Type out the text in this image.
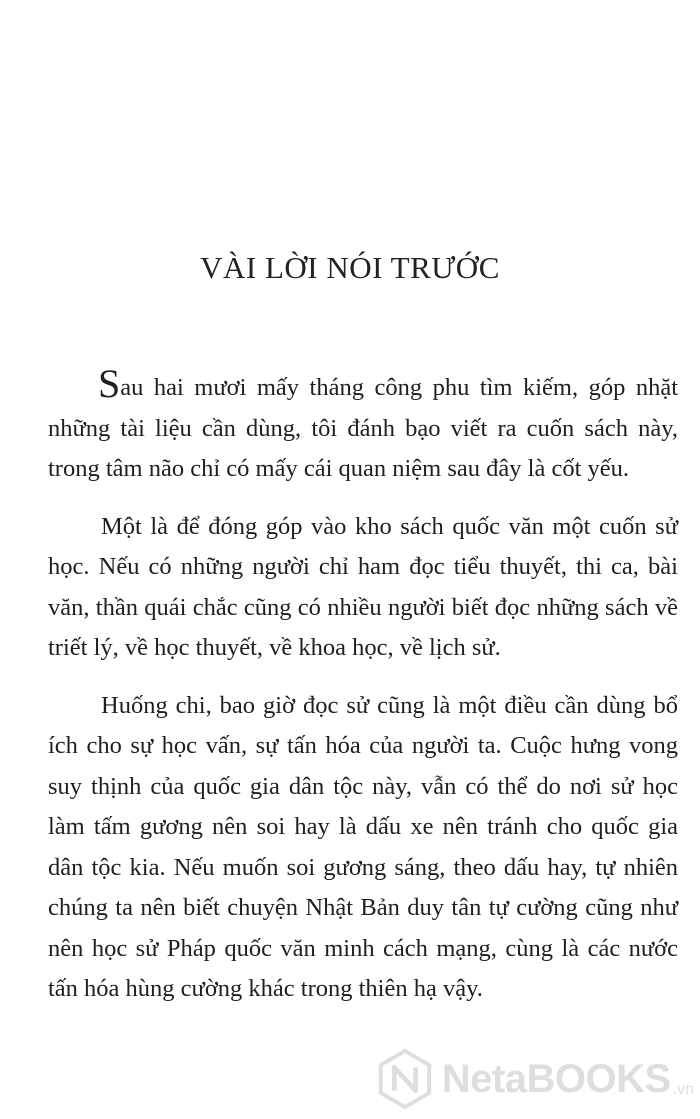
VÀI LỜI NÓI TRƯỚC

Sau hai mươi mấy tháng công phu tìm kiếm, góp nhặt những tài liệu cần dùng, tôi đánh bạo viết ra cuốn sách này, trong tâm não chỉ có mấy cái quan niệm sau đây là cốt yếu.

Một là để đóng góp vào kho sách quốc văn một cuốn sử học. Nếu có những người chỉ ham đọc tiểu thuyết, thi ca, bài văn, thần quái chắc cũng có nhiều người biết đọc những sách về triết lý, về học thuyết, về khoa học, về lịch sử.

Huống chi, bao giờ đọc sử cũng là một điều cần dùng bổ ích cho sự học vấn, sự tấn hóa của người ta. Cuộc hưng vong suy thịnh của quốc gia dân tộc này, vẫn có thể do nơi sử học làm tấm gương nên soi hay là dấu xe nên tránh cho quốc gia dân tộc kia. Nếu muốn soi gương sáng, theo dấu hay, tự nhiên chúng ta nên biết chuyện Nhật Bản duy tân tự cường cũng như nên học sử Pháp quốc văn minh cách mạng, cùng là các nước tấn hóa hùng cường khác trong thiên hạ vậy.

NetaBOOKS .vn
